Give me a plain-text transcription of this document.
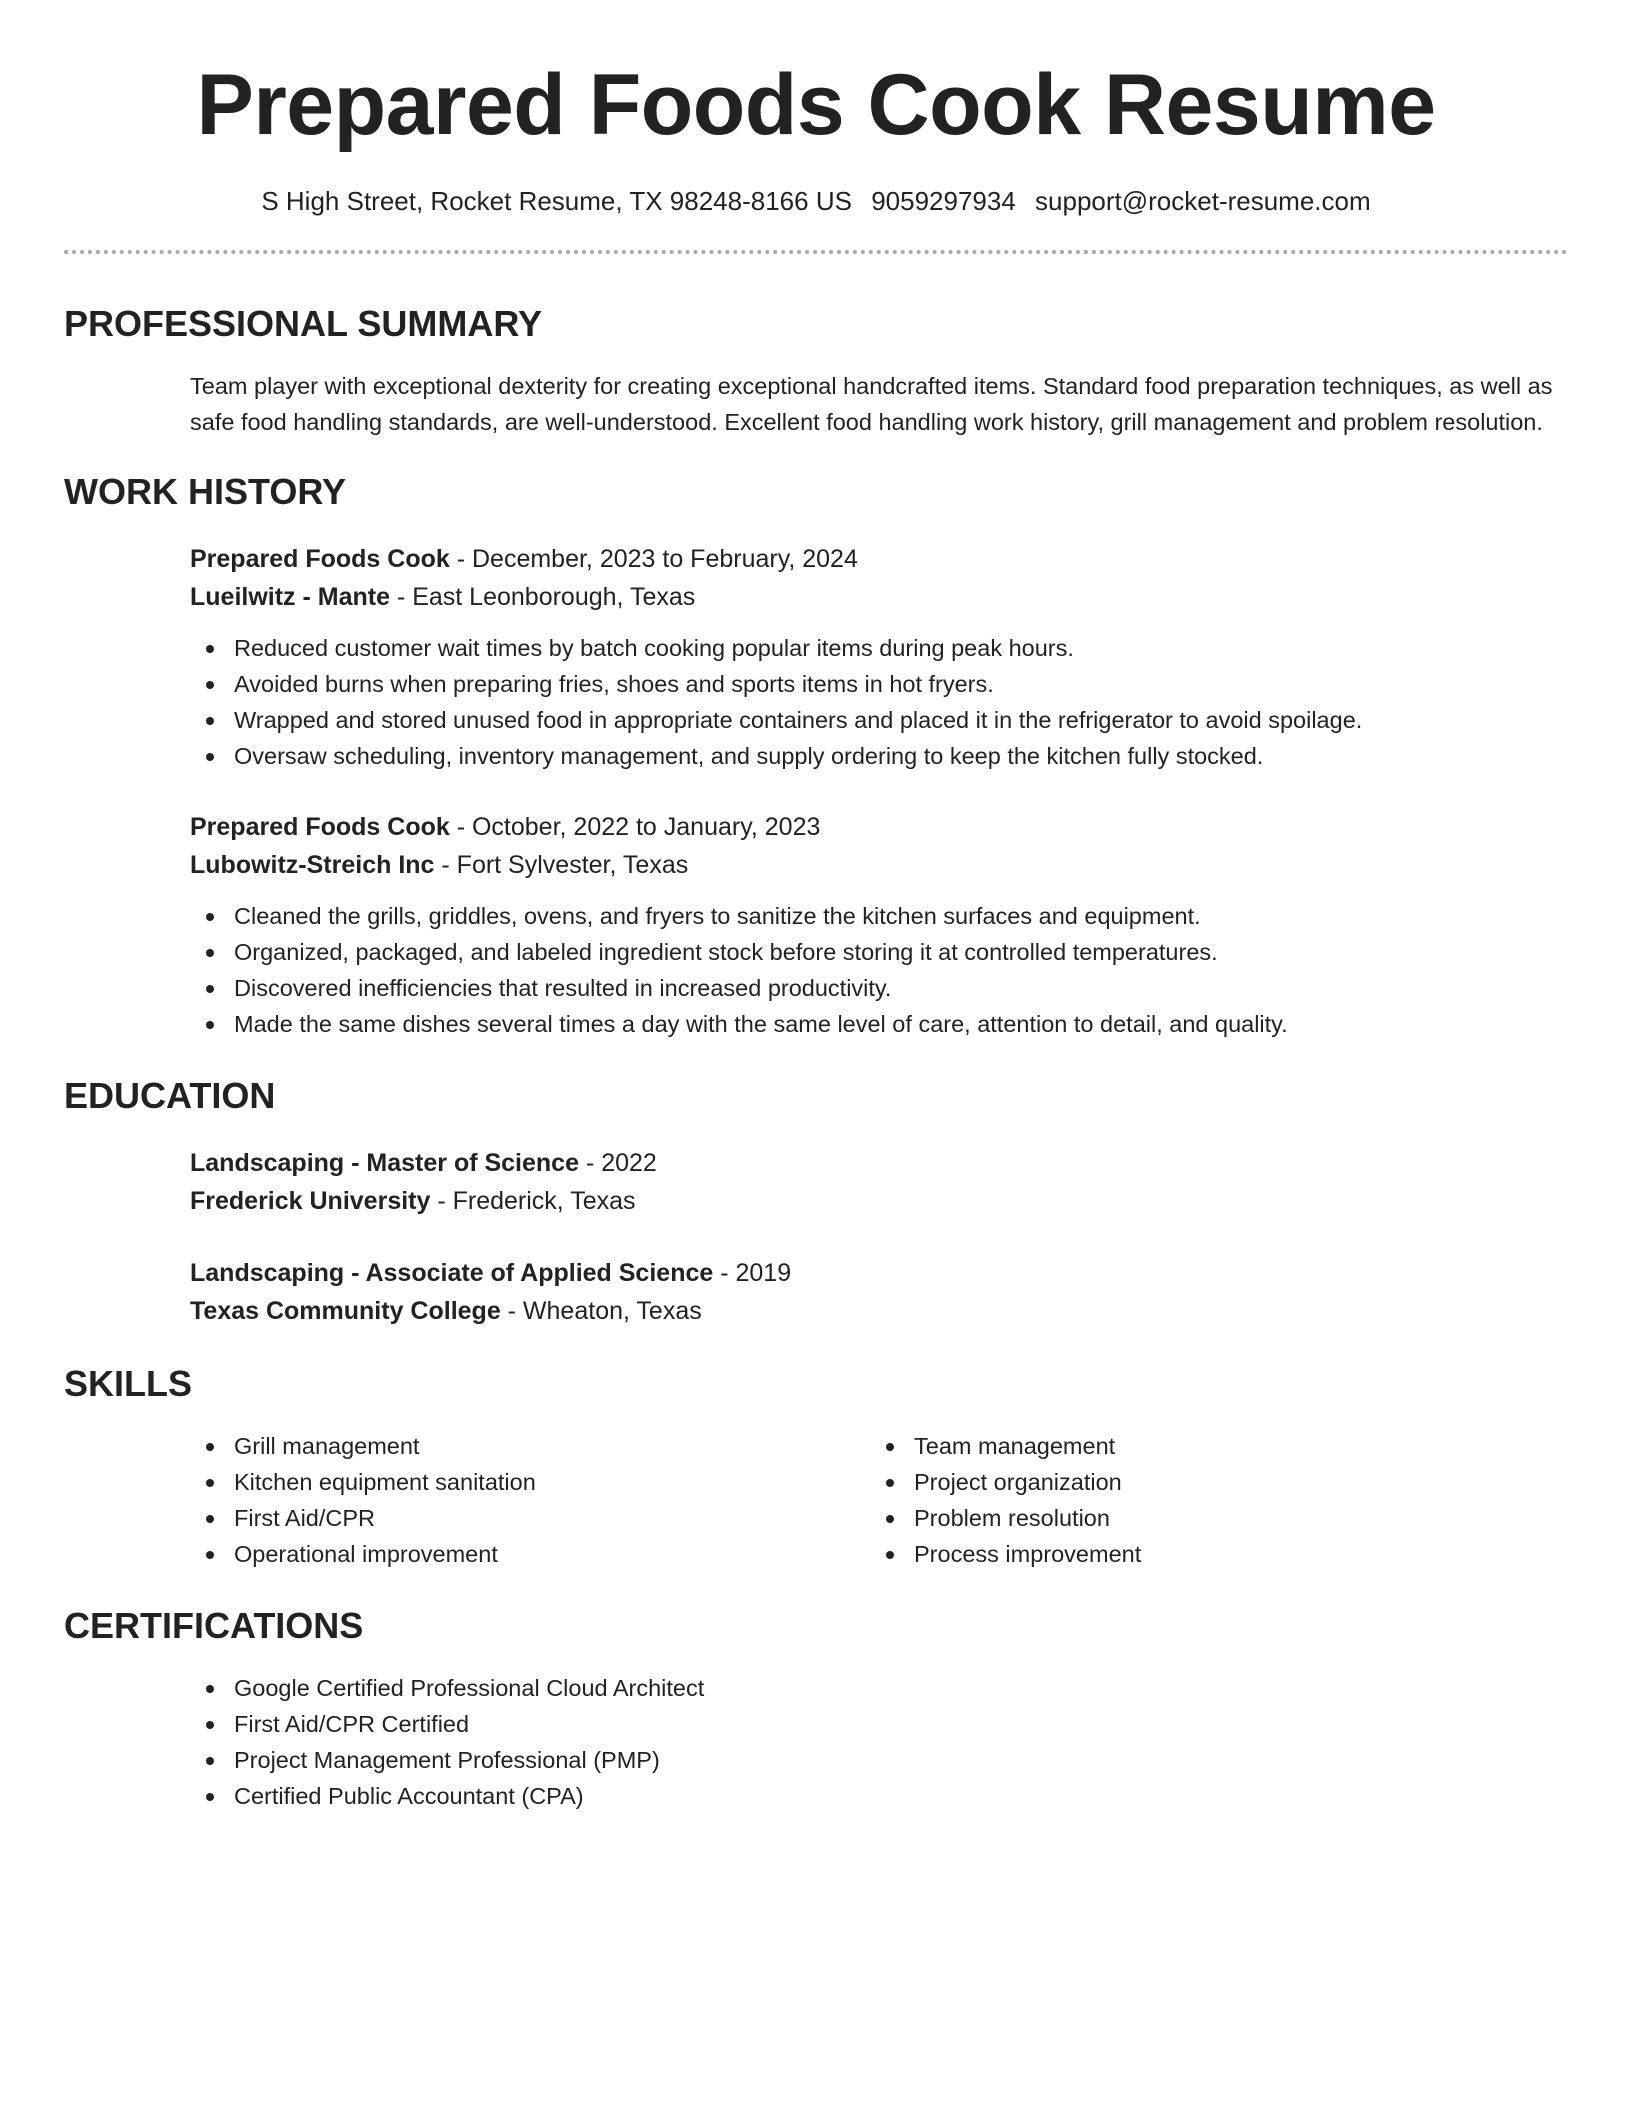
Prepared Foods Cook Resume
S High Street, Rocket Resume, TX 98248-8166 US 9059297934 support@rocket-resume.com
PROFESSIONAL SUMMARY

Team player with exceptional dexterity for creating exceptional handcrafted items. Standard food preparation techniques, as well as safe food handling standards, are well-understood. Excellent food handling work history, grill management and problem resolution.

WORK HISTORY
Prepared Foods Cook - December, 2023 to February, 2024
Lueilwitz - Mante - East Leonborough, Texas
Reduced customer wait times by batch cooking popular items during peak hours.
Avoided burns when preparing fries, shoes and sports items in hot fryers.
Wrapped and stored unused food in appropriate containers and placed it in the refrigerator to avoid spoilage.
Oversaw scheduling, inventory management, and supply ordering to keep the kitchen fully stocked.
Prepared Foods Cook - October, 2022 to January, 2023
Lubowitz-Streich Inc - Fort Sylvester, Texas
Cleaned the grills, griddles, ovens, and fryers to sanitize the kitchen surfaces and equipment.
Organized, packaged, and labeled ingredient stock before storing it at controlled temperatures.
Discovered inefficiencies that resulted in increased productivity.
Made the same dishes several times a day with the same level of care, attention to detail, and quality.
EDUCATION
Landscaping - Master of Science - 2022
Frederick University - Frederick, Texas
Landscaping - Associate of Applied Science - 2019
Texas Community College - Wheaton, Texas
SKILLS
Grill management
Kitchen equipment sanitation
First Aid/CPR
Operational improvement
Team management
Project organization
Problem resolution
Process improvement
CERTIFICATIONS
Google Certified Professional Cloud Architect
First Aid/CPR Certified
Project Management Professional (PMP)
Certified Public Accountant (CPA)
